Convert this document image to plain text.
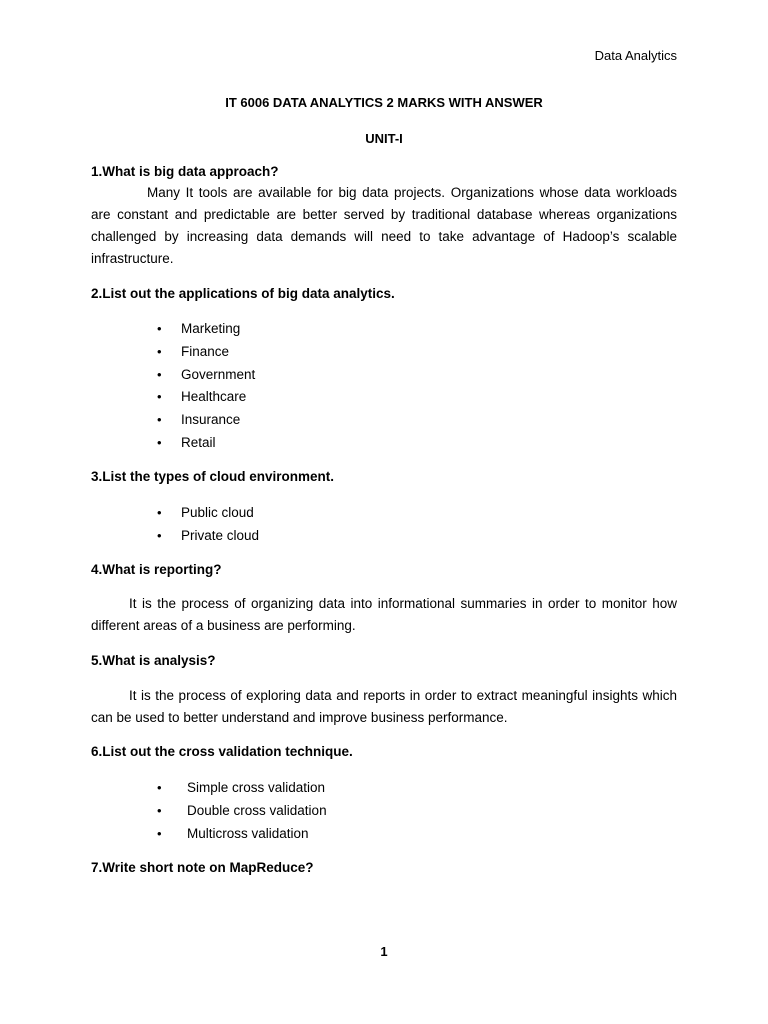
Data Analytics
IT 6006 DATA ANALYTICS 2 MARKS WITH ANSWER
UNIT-I
1.What is big data approach?
Many It tools are available for big data projects. Organizations whose data workloads are constant and predictable are better served by traditional database whereas organizations challenged by increasing data demands will need to take advantage of Hadoop’s scalable infrastructure.
2.List out the applications of big data analytics.
• Marketing
• Finance
• Government
• Healthcare
• Insurance
• Retail
3.List the types of cloud environment.
• Public cloud
• Private cloud
4.What is reporting?
It is the process of organizing data into informational summaries in order to monitor how different areas of a business are performing.
5.What is analysis?
It is the process of exploring data and reports in order to extract meaningful insights which can be used to better understand and improve business performance.
6.List out the cross validation technique.
• Simple cross validation
• Double cross validation
• Multicross validation
7.Write short note on MapReduce?
1
